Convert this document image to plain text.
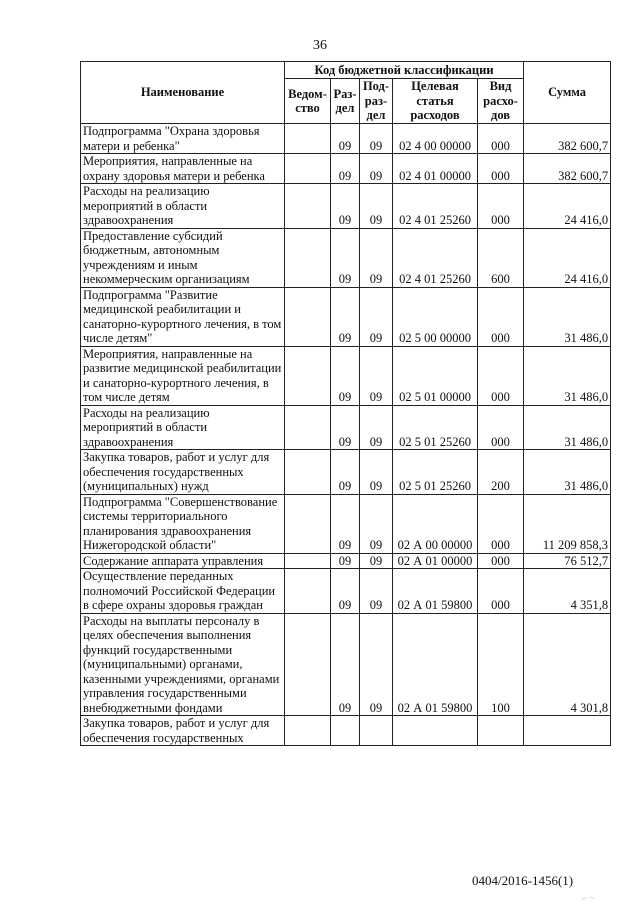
36
Наименование	Код бюджетной классификации					Сумма
	Ведом-ство	Раз-дел	Под-раз-дел	Целевая статья расходов	Вид расхо-дов	
Подпрограмма "Охрана здоровья матери и ребенка"		09	09	02 4 00 00000	000	382 600,7
Мероприятия, направленные на охрану здоровья матери и ребенка		09	09	02 4 01 00000	000	382 600,7
Расходы на реализацию мероприятий в области здравоохранения		09	09	02 4 01 25260	000	24 416,0
Предоставление субсидий бюджетным, автономным учреждениям и иным некоммерческим организациям		09	09	02 4 01 25260	600	24 416,0
Подпрограмма "Развитие медицинской реабилитации и санаторно-курортного лечения, в том числе детям"		09	09	02 5 00 00000	000	31 486,0
Мероприятия, направленные на развитие медицинской реабилитации и санаторно-курортного лечения, в том числе детям		09	09	02 5 01 00000	000	31 486,0
Расходы на реализацию мероприятий в области здравоохранения		09	09	02 5 01 25260	000	31 486,0
Закупка товаров, работ и услуг для обеспечения государственных (муниципальных) нужд		09	09	02 5 01 25260	200	31 486,0
Подпрограмма "Совершенствование системы территориального планирования здравоохранения Нижегородской области"		09	09	02 А 00 00000	000	11 209 858,3
Содержание аппарата управления		09	09	02 А 01 00000	000	76 512,7
Осуществление переданных полномочий Российской Федерации в сфере охраны здоровья граждан		09	09	02 А 01 59800	000	4 351,8
Расходы на выплаты персоналу в целях обеспечения выполнения функций государственными (муниципальными) органами, казенными учреждениями, органами управления государственными внебюджетными фондами		09	09	02 А 01 59800	100	4 301,8
Закупка товаров, работ и услуг для обеспечения государственных						
0404/2016-1456(1)
⌐ ~
